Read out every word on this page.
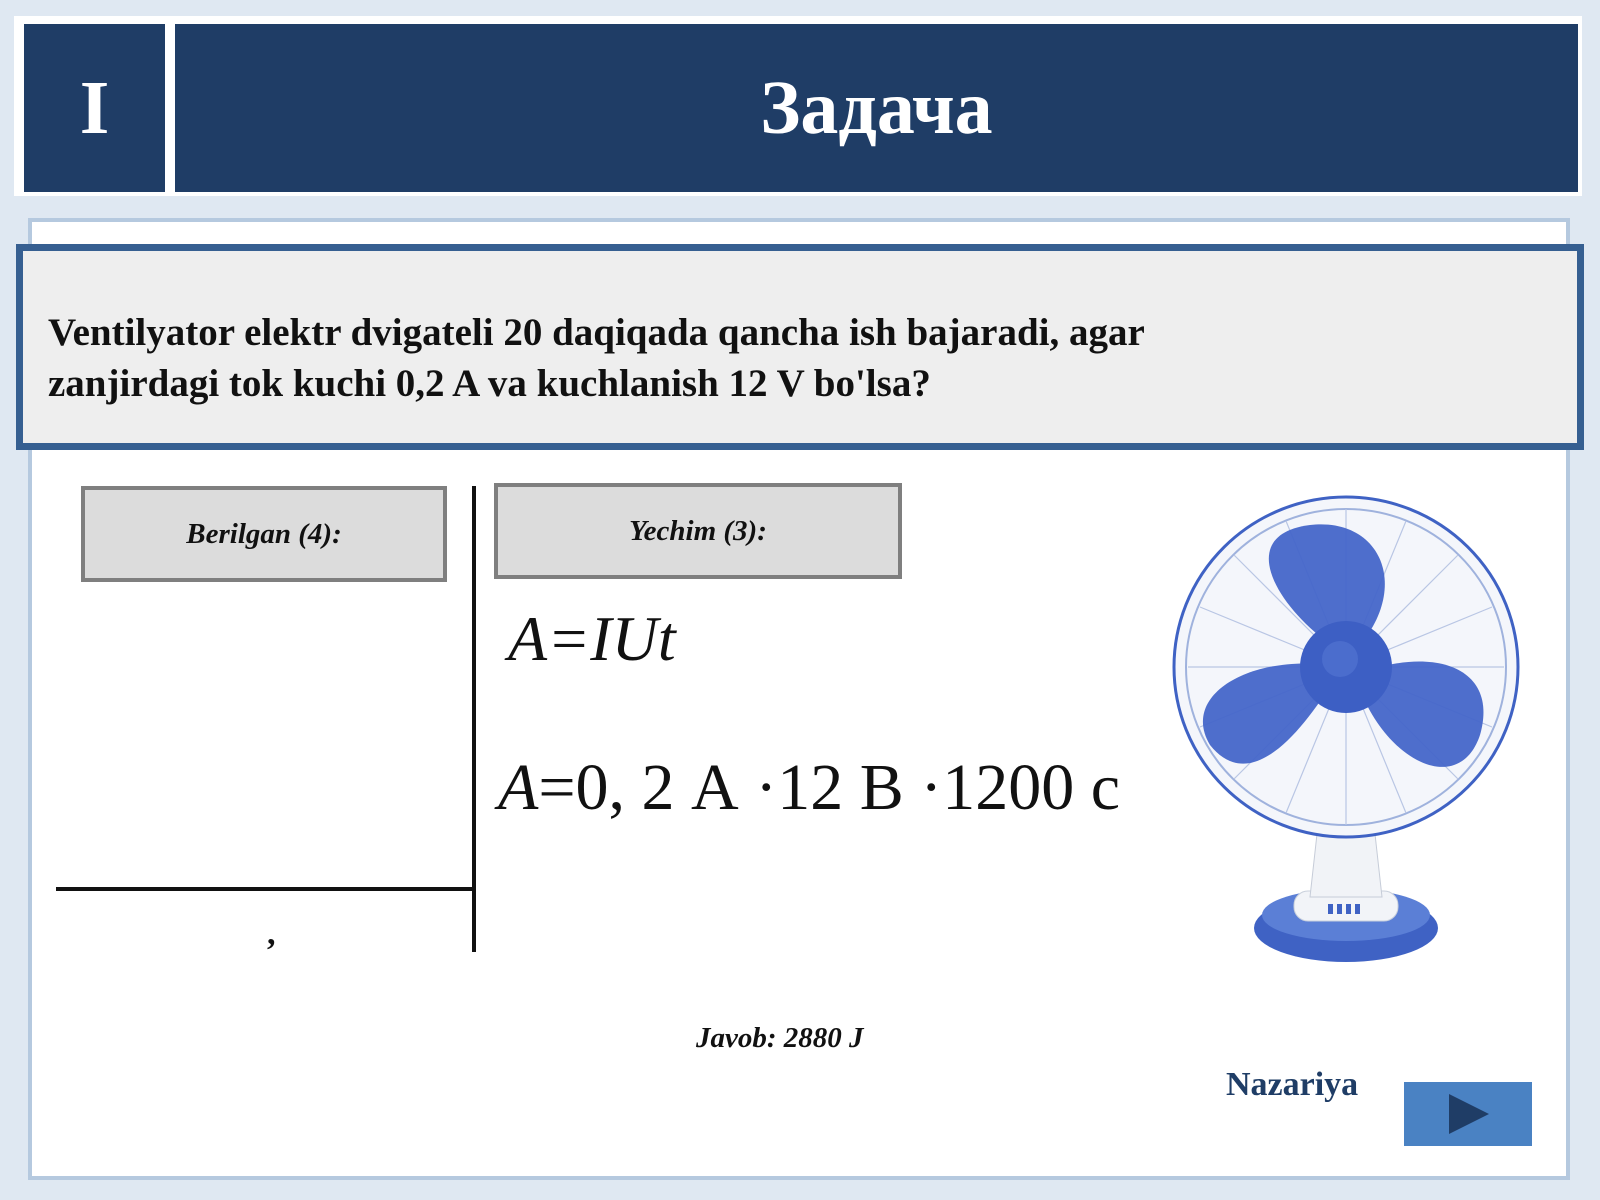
I	Задача
Ventilyator elektr dvigateli 20 daqiqada qancha ish bajaradi, agar
zanjirdagi tok kuchi 0,2 A va kuchlanish 12 V bo'lsa?
Berilgan (4):	Yechim (3):
,
A=IUt
A=0, 2 А ·12 В ·1200 с
Javob: 2880 J
Nazariya
